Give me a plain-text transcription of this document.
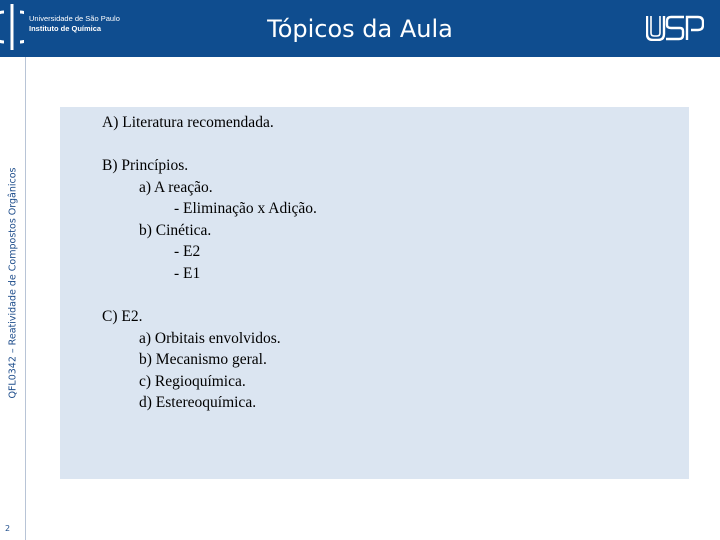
Universidade de São Paulo
Instituto de Química	Tópicos da Aula
QFL0342 – Reatividade de Compostos Orgânicos
2
A) Literatura recomendada.
B) Princípios.
a) A reação.
- Eliminação x Adição.
b) Cinética.
- E2
- E1
C) E2.
a) Orbitais envolvidos.
b) Mecanismo geral.
c) Regioquímica.
d) Estereoquímica.
